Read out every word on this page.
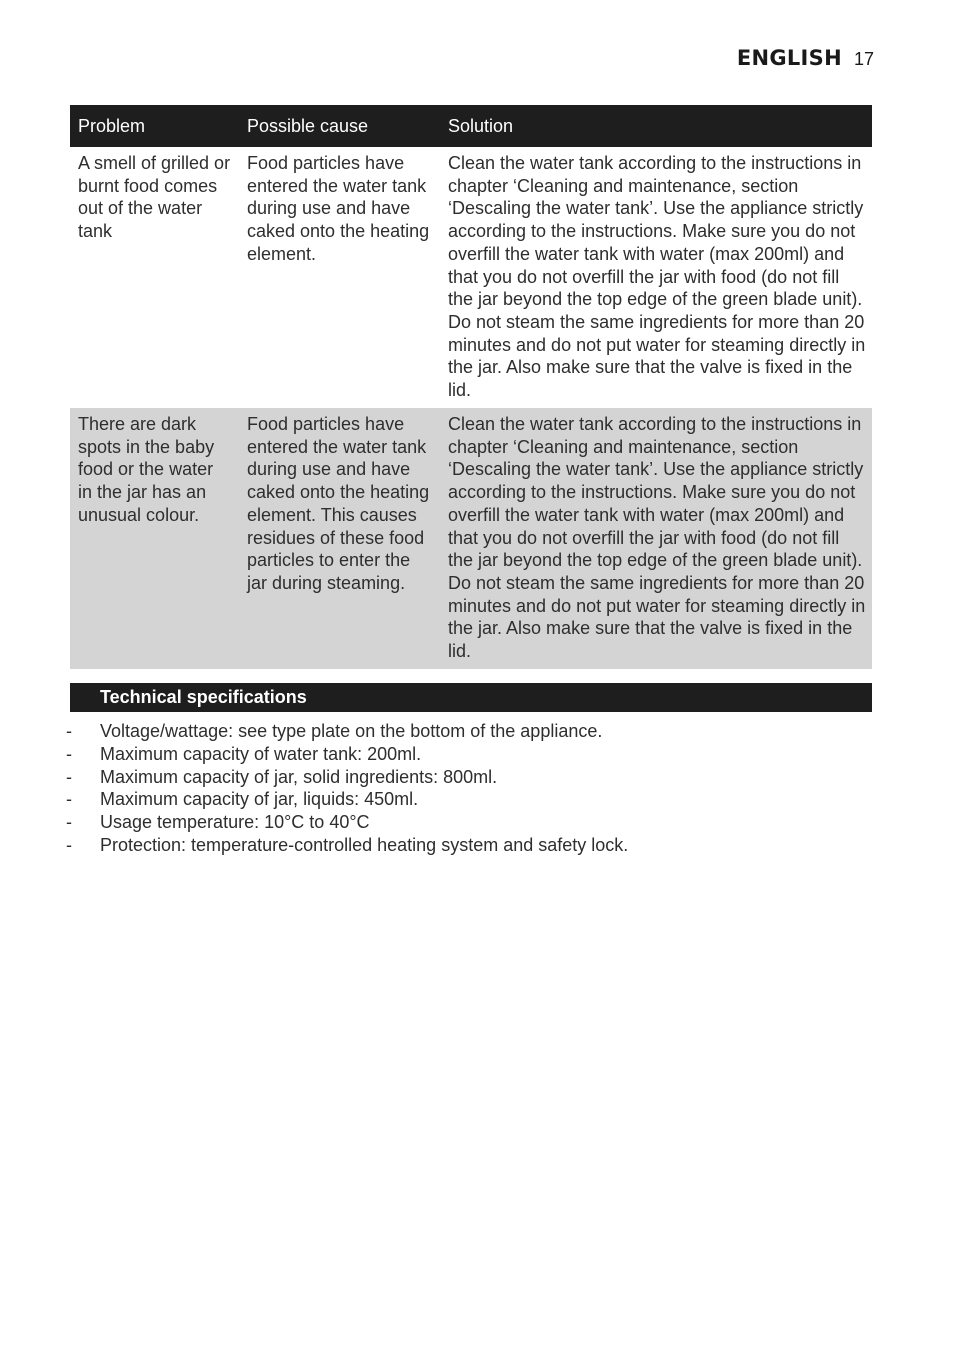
ENGLISH 17
Problem	Possible cause	Solution
A smell of grilled or burnt food comes out of the water tank	Food particles have entered the water tank during use and have caked onto the heating element.	Clean the water tank according to the instructions in chapter ‘Cleaning and maintenance, section ‘Descaling the water tank’. Use the appliance strictly according to the instructions. Make sure you do not overfill the water tank with water (max 200ml) and that you do not overfill the jar with food (do not fill the jar beyond the top edge of the green blade unit). Do not steam the same ingredients for more than 20 minutes and do not put water for steaming directly in the jar. Also make sure that the valve is fixed in the lid.
There are dark spots in the baby food or the water in the jar has an unusual colour.	Food particles have entered the water tank during use and have caked onto the heating element. This causes residues of these food particles to enter the jar during steaming.	Clean the water tank according to the instructions in chapter ‘Cleaning and maintenance, section ‘Descaling the water tank’. Use the appliance strictly according to the instructions. Make sure you do not overfill the water tank with water (max 200ml) and that you do not overfill the jar with food (do not fill the jar beyond the top edge of the green blade unit). Do not steam the same ingredients for more than 20 minutes and do not put water for steaming directly in the jar. Also make sure that the valve is fixed in the lid.
Technical specifications
- Voltage/wattage: see type plate on the bottom of the appliance.
- Maximum capacity of water tank: 200ml.
- Maximum capacity of jar, solid ingredients: 800ml.
- Maximum capacity of jar, liquids: 450ml.
- Usage temperature: 10°C to 40°C
- Protection: temperature-controlled heating system and safety lock.
